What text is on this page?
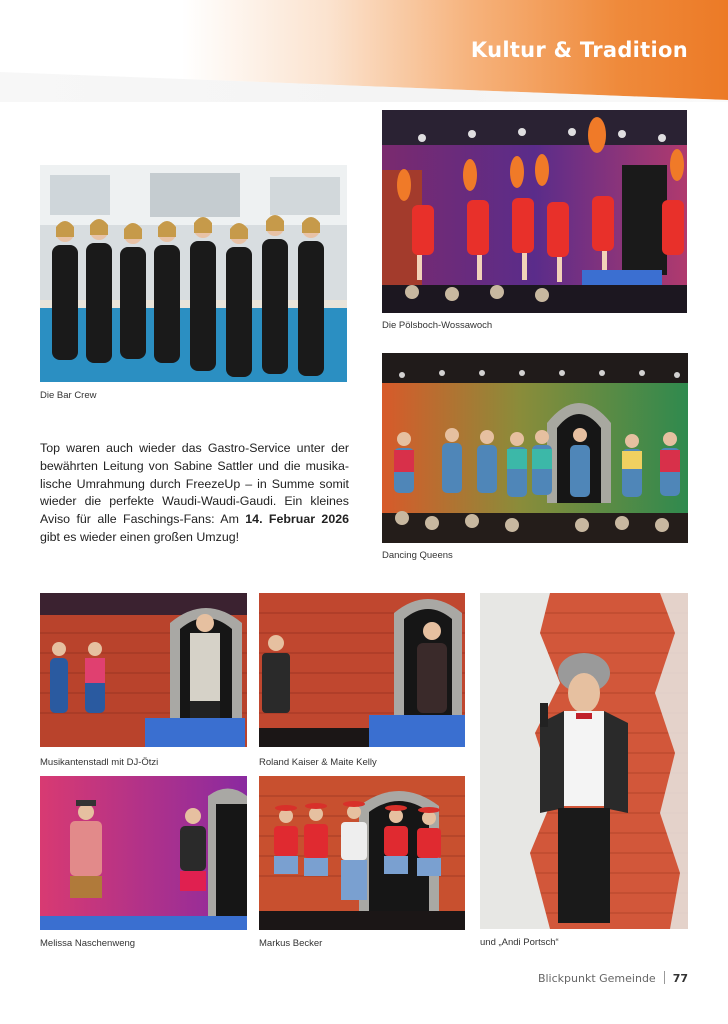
Kultur & Tradition
Die Bar Crew
Die Pölsboch-Wossawoch
Top waren auch wieder das Gastro-Service unter der bewährten Leitung von Sabine Sattler und die musikalische Umrahmung durch FreezeUp – in Summe somit wieder die perfekte Waudi-Waudi-Gaudi. Ein kleines Aviso für alle Faschings-Fans: Am 14. Februar 2026 gibt es wieder einen großen Umzug!
Dancing Queens
Musikantenstadl mit DJ-Ötzi	Roland Kaiser & Maite Kelly
und „Andi Portsch“
Melissa Naschenweng	Markus Becker
Blickpunkt Gemeinde 77
